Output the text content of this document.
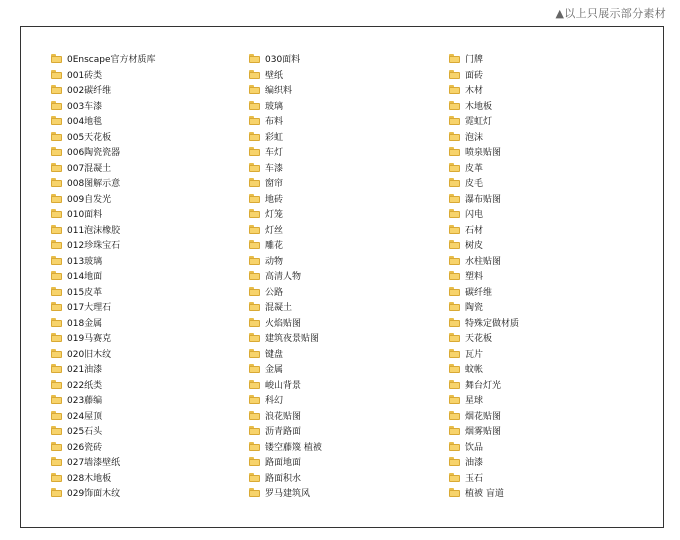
▲以上只展示部分素材
0Enscape官方材质库
001砖类
002碳纤维
003车漆
004地毯
005天花板
006陶瓷瓷器
007混凝土
008图解示意
009自发光
010面料
011泡沫橡胶
012珍珠宝石
013玻璃
014地面
015皮革
017大理石
018金属
019马赛克
020旧木纹
021油漆
022纸类
023藤编
024屋顶
025石头
026瓷砖
027墙漆壁纸
028木地板
029饰面木纹
030面料
壁纸
编织料
玻璃
布料
彩虹
车灯
车漆
窗帘
地砖
灯笼
灯丝
雕花
动物
高清人物
公路
混凝土
火焰贴图
建筑夜景贴图
键盘
金属
峻山背景
科幻
浪花贴图
沥青路面
镂空藤篾 植被
路面地面
路面积水
罗马建筑风
门牌
面砖
木材
木地板
霓虹灯
泡沫
喷泉贴图
皮革
皮毛
瀑布贴图
闪电
石材
树皮
水柱贴图
塑料
碳纤维
陶瓷
特殊定做材质
天花板
瓦片
蚊帐
舞台灯光
星球
烟花贴图
烟雾贴图
饮品
油漆
玉石
植被 盲道
